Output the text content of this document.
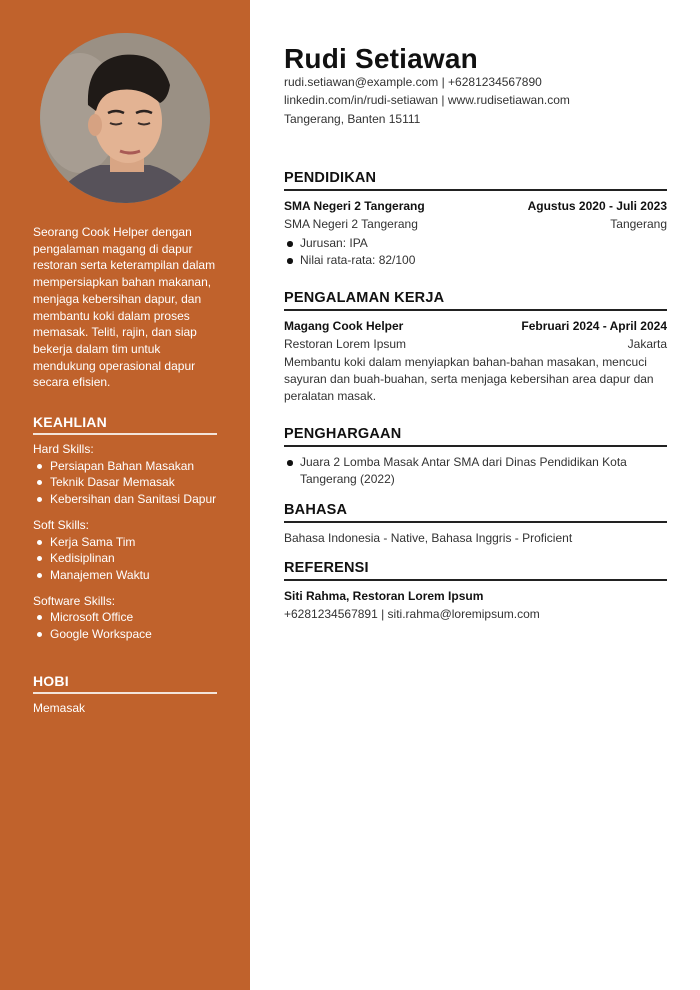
Seorang Cook Helper dengan pengalaman magang di dapur restoran serta keterampilan dalam mempersiapkan bahan makanan, menjaga kebersihan dapur, dan membantu koki dalam proses memasak. Teliti, rajin, dan siap bekerja dalam tim untuk mendukung operasional dapur secara efisien.
KEAHLIAN
Hard Skills:
Persiapan Bahan Masakan
Teknik Dasar Memasak
Kebersihan dan Sanitasi Dapur
Soft Skills:
Kerja Sama Tim
Kedisiplinan
Manajemen Waktu
Software Skills:
Microsoft Office
Google Workspace
HOBI
Memasak
Rudi Setiawan
rudi.setiawan@example.com | +6281234567890
linkedin.com/in/rudi-setiawan | www.rudisetiawan.com
Tangerang, Banten 15111
PENDIDIKAN
SMA Negeri 2 Tangerang	Agustus 2020 - Juli 2023
SMA Negeri 2 Tangerang	Tangerang
Jurusan: IPA
Nilai rata-rata: 82/100
PENGALAMAN KERJA
Magang Cook Helper	Februari 2024 - April 2024
Restoran Lorem Ipsum	Jakarta
Membantu koki dalam menyiapkan bahan-bahan masakan, mencuci sayuran dan buah-buahan, serta menjaga kebersihan area dapur dan peralatan masak.
PENGHARGAAN
Juara 2 Lomba Masak Antar SMA dari Dinas Pendidikan Kota Tangerang (2022)
BAHASA
Bahasa Indonesia - Native, Bahasa Inggris - Proficient
REFERENSI
Siti Rahma, Restoran Lorem Ipsum
+6281234567891 | siti.rahma@loremipsum.com
